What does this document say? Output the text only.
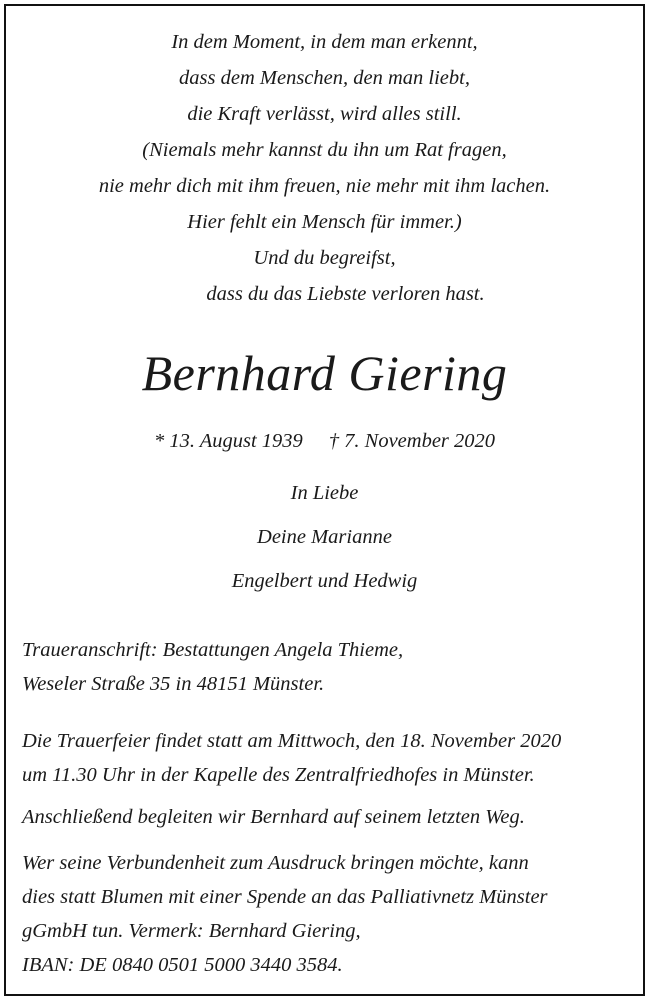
In dem Moment, in dem man erkennt,
dass dem Menschen, den man liebt,
die Kraft verlässt, wird alles still.
(Niemals mehr kannst du ihn um Rat fragen,
nie mehr dich mit ihm freuen, nie mehr mit ihm lachen.
Hier fehlt ein Mensch für immer.)
Und du begreifst,
dass du das Liebste verloren hast.
Bernhard Giering
* 13. August 1939 † 7. November 2020
In Liebe
Deine Marianne
Engelbert und Hedwig
Traueranschrift: Bestattungen Angela Thieme,
Weseler Straße 35 in 48151 Münster.
Die Trauerfeier findet statt am Mittwoch, den 18. November 2020
um 11.30 Uhr in der Kapelle des Zentralfriedhofes in Münster.
Anschließend begleiten wir Bernhard auf seinem letzten Weg.
Wer seine Verbundenheit zum Ausdruck bringen möchte, kann
dies statt Blumen mit einer Spende an das Palliativnetz Münster
gGmbH tun. Vermerk: Bernhard Giering,
IBAN: DE 0840 0501 5000 3440 3584.
